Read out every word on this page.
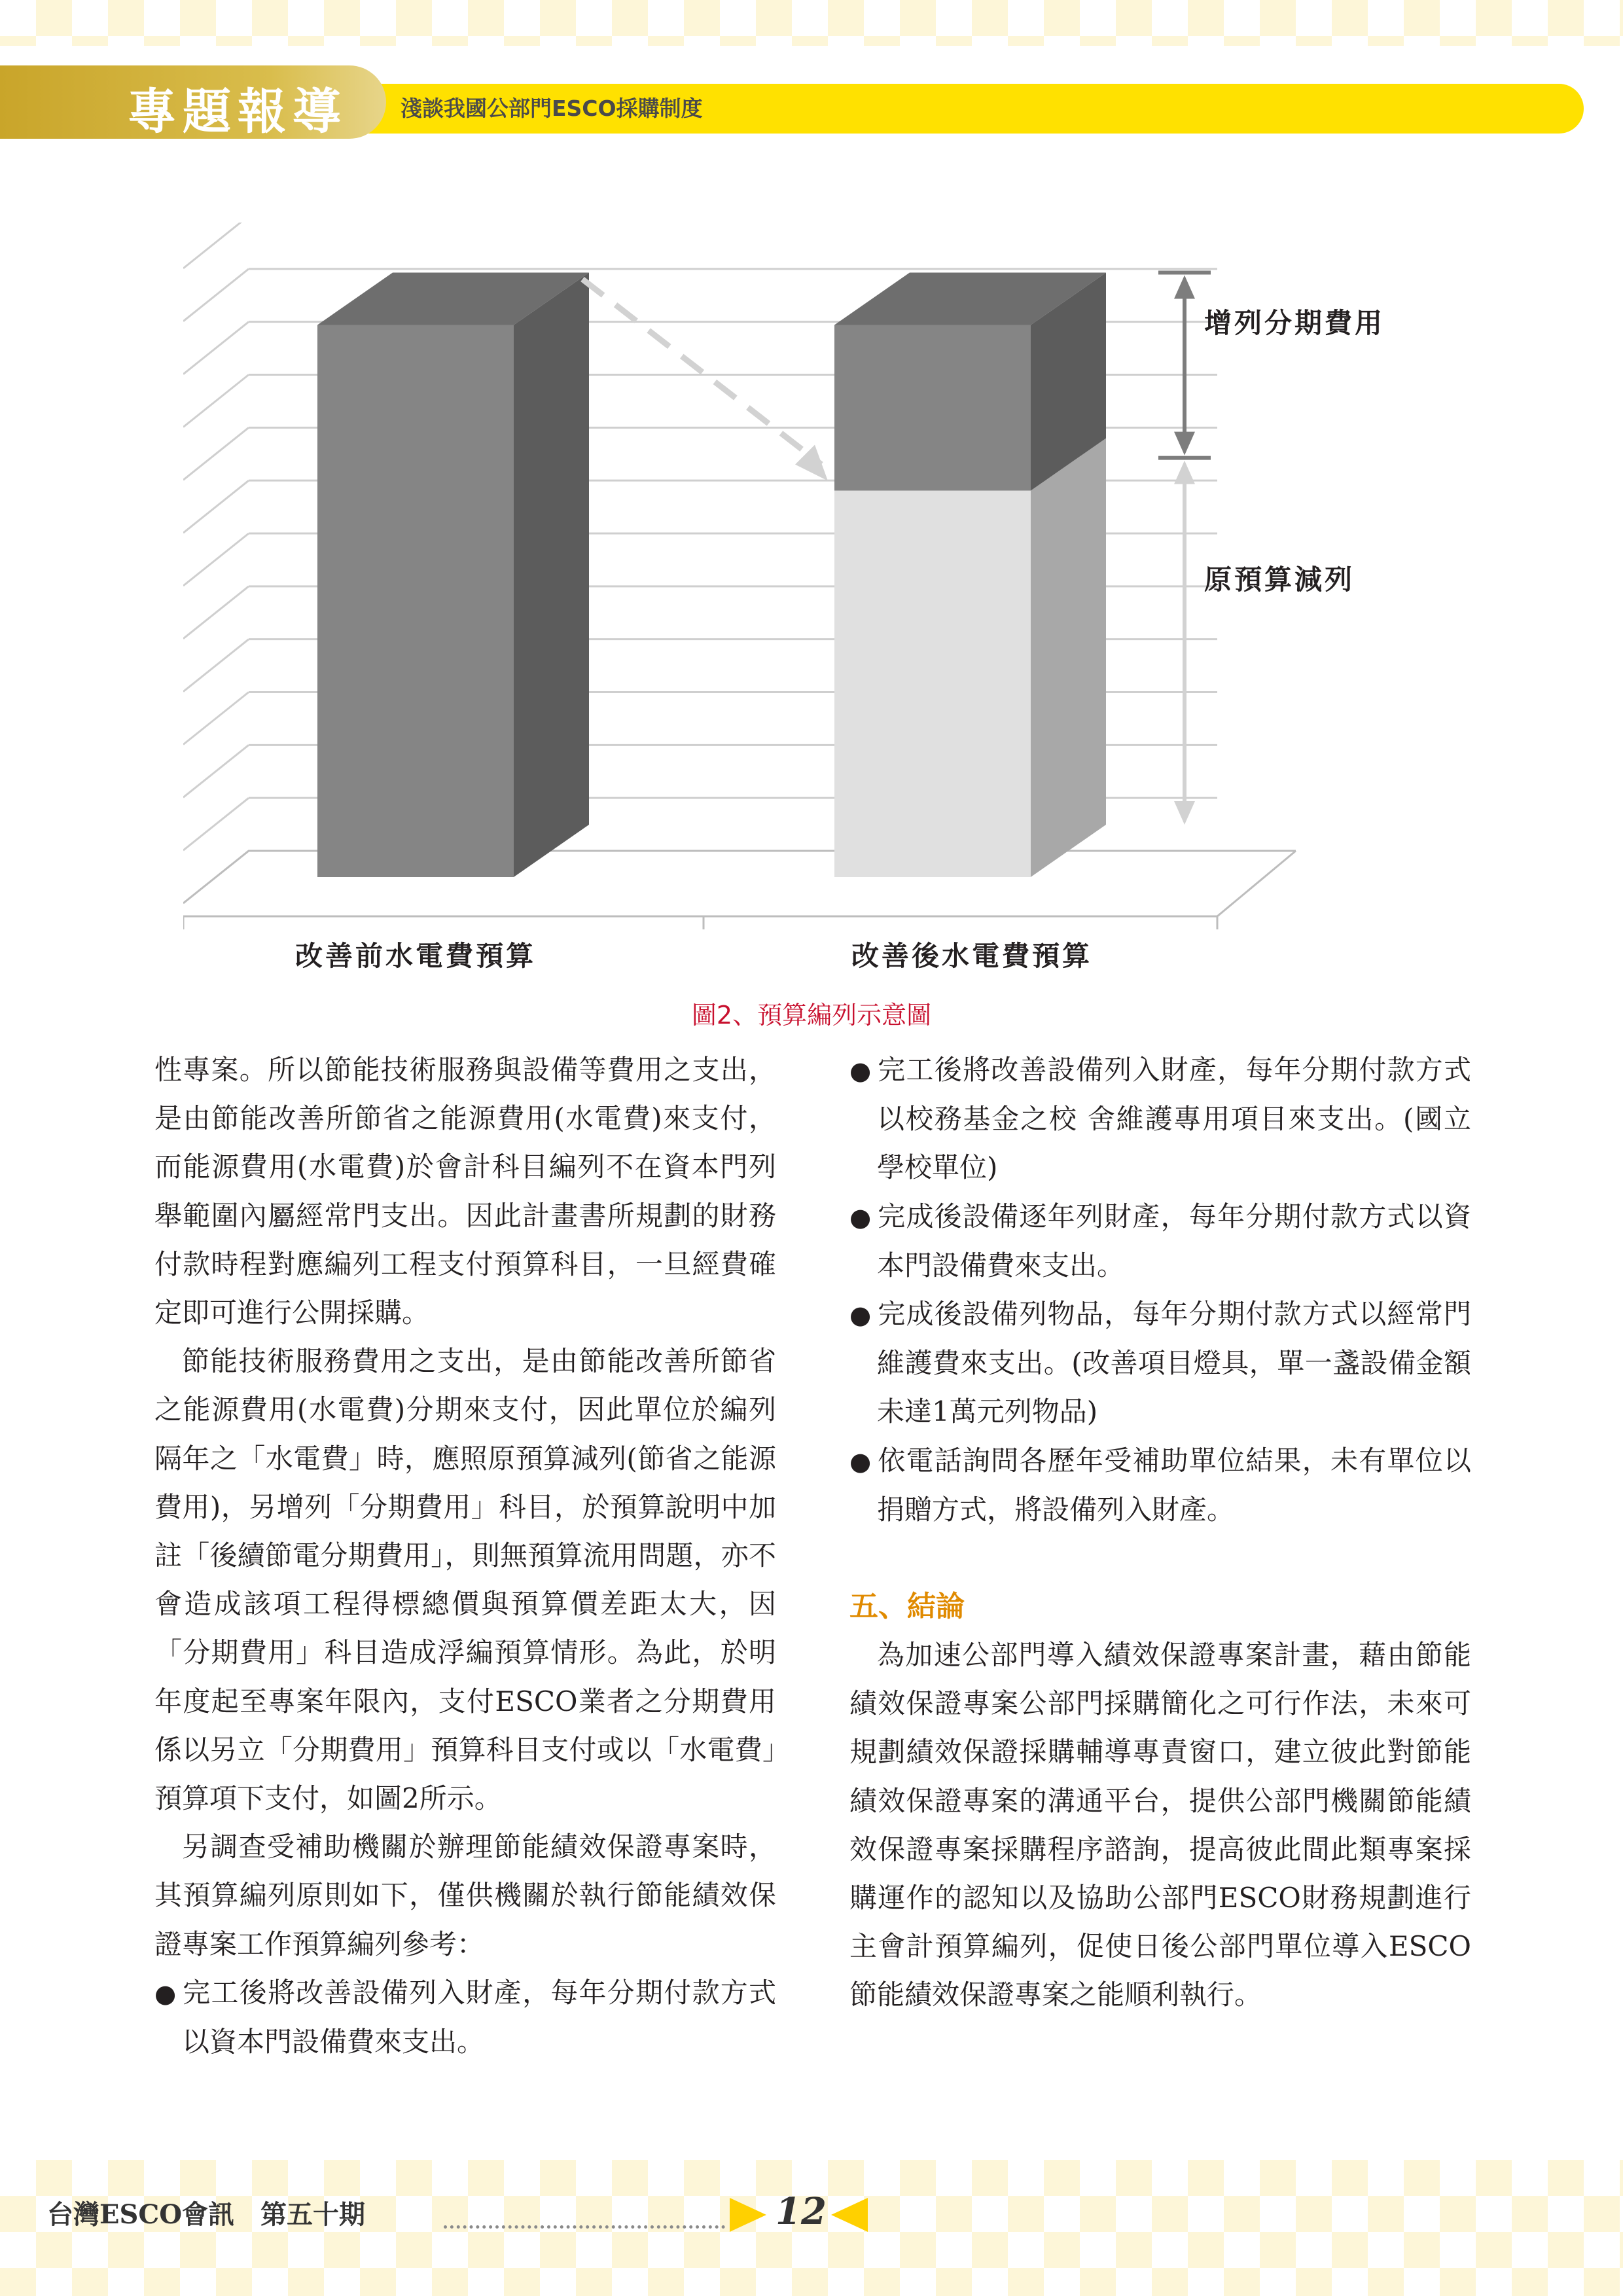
專題報導 淺談我國公部門ESCO採購制度
改善前水電費預算	改善後水電費預算
增列分期費用
原預算減列
圖2、預算編列示意圖

性專案。所以節能技術服務與設備等費用之支出，是由節能改善所節省之能源費用(水電費)來支付，而能源費用(水電費)於會計科目編列不在資本門列舉範圍內屬經常門支出。因此計畫書所規劃的財務付款時程對應編列工程支付預算科目，一旦經費確定即可進行公開採購。

節能技術服務費用之支出，是由節能改善所節省之能源費用(水電費)分期來支付，因此單位於編列隔年之「水電費」時，應照原預算減列(節省之能源費用)，另增列「分期費用」科目，於預算說明中加註「後續節電分期費用」，則無預算流用問題，亦不會造成該項工程得標總價與預算價差距太大，因「分期費用」科目造成浮編預算情形。為此，於明年度起至專案年限內，支付ESCO業者之分期費用係以另立「分期費用」預算科目支付或以「水電費」預算項下支付，如圖2所示。

另調查受補助機關於辦理節能績效保證專案時，其預算編列原則如下，僅供機關於執行節能績效保證專案工作預算編列參考：

● 完工後將改善設備列入財產，每年分期付款方式以資本門設備費來支出。

● 完工後將改善設備列入財產，每年分期付款方式以校務基金之校 舍維護專用項目來支出。(國立學校單位)

● 完成後設備逐年列財產，每年分期付款方式以資本門設備費來支出。

● 完成後設備列物品，每年分期付款方式以經常門維護費來支出。(改善項目燈具，單一盞設備金額未達1萬元列物品)

● 依電話詢問各歷年受補助單位結果，未有單位以捐贈方式，將設備列入財產。

五、結論

為加速公部門導入績效保證專案計畫，藉由節能績效保證專案公部門採購簡化之可行作法，未來可規劃績效保證採購輔導專責窗口，建立彼此對節能績效保證專案的溝通平台，提供公部門機關節能績效保證專案採購程序諮詢，提高彼此間此類專案採購運作的認知以及協助公部門ESCO財務規劃進行主會計預算編列，促使日後公部門單位導入ESCO節能績效保證專案之能順利執行。

台灣ESCO會訊　第五十期	12
